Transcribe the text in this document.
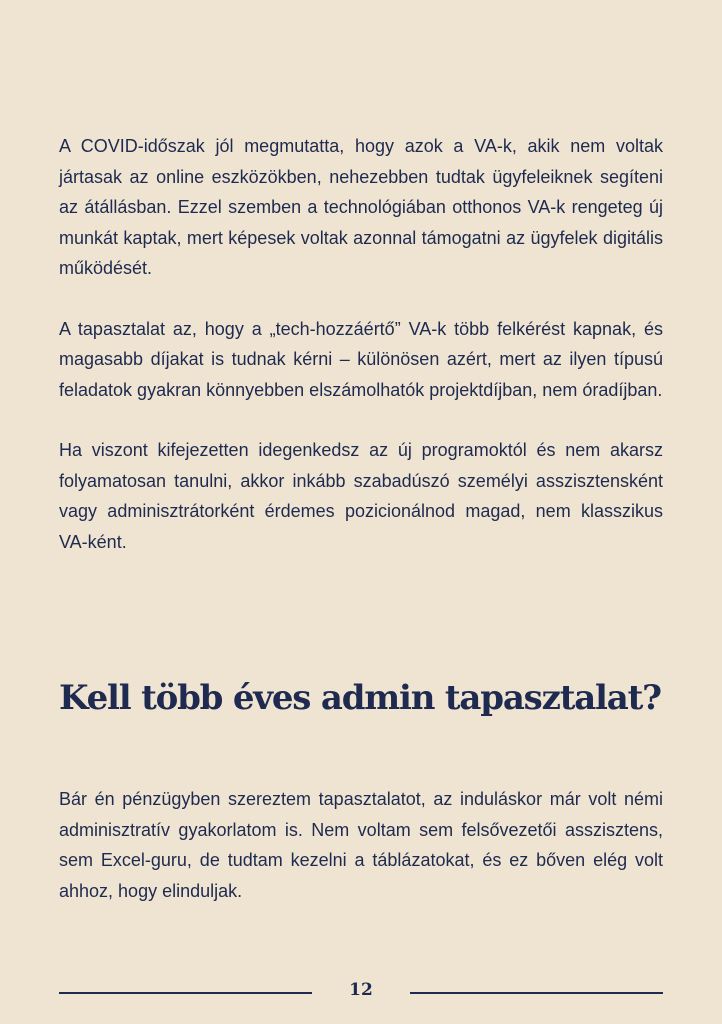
A COVID-időszak jól megmutatta, hogy azok a VA-k, akik nem voltak jártasak az online eszközökben, nehezebben tudtak ügyfeleiknek segíteni az átállásban. Ezzel szemben a technológiában otthonos VA-k rengeteg új munkát kaptak, mert képesek voltak azonnal támogatni az ügyfelek digitális működését.

A tapasztalat az, hogy a „tech-hozzáértő” VA-k több felkérést kapnak, és magasabb díjakat is tudnak kérni – különösen azért, mert az ilyen típusú feladatok gyakran könnyebben elszámolhatók projektdíjban, nem óradíjban.

Ha viszont kifejezetten idegenkedsz az új programoktól és nem akarsz folyamatosan tanulni, akkor inkább szabadúszó személyi asszisztensként vagy adminisztrátorként érdemes pozicionálnod magad, nem klasszikus VA-ként.

Kell több éves admin tapasztalat?

Bár én pénzügyben szereztem tapasztalatot, az induláskor már volt némi adminisztratív gyakorlatom is. Nem voltam sem felsővezetői asszisztens, sem Excel-guru, de tudtam kezelni a táblázatokat, és ez bőven elég volt ahhoz, hogy elinduljak.

12
